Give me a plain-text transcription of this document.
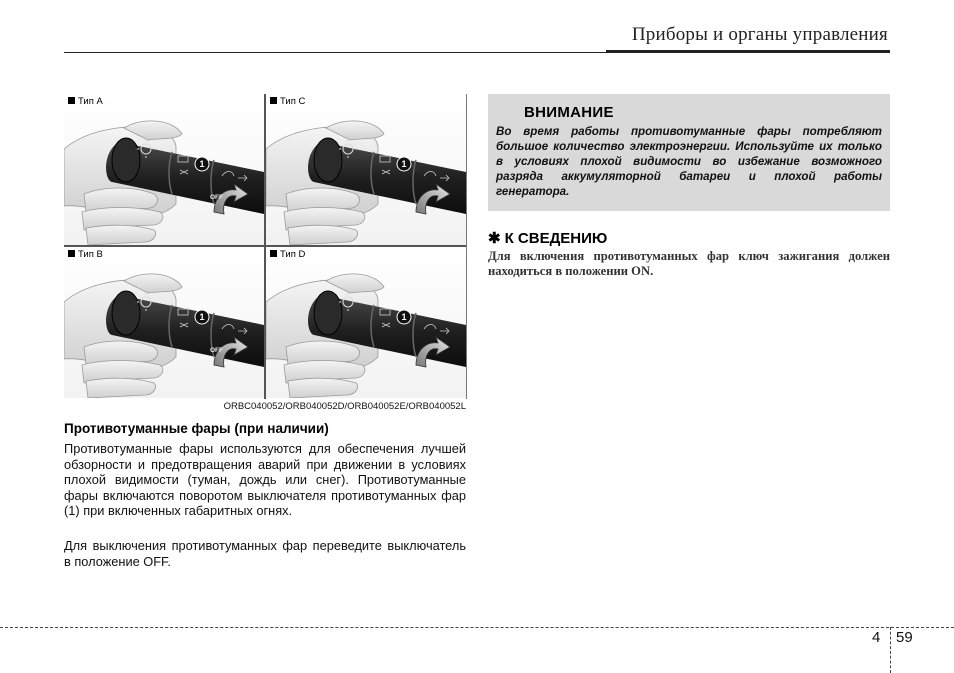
Приборы и органы управления
Тип A
1
OFF
Тип C
1
Тип B
1
OFF
Тип D
1
ORBC040052/ORB040052D/ORB040052E/ORB040052L
Противотуманные фары (при наличии)
Противотуманные фары используются для обеспечения лучшей обзорности и предотвращения аварий при движении в условиях плохой видимости (туман, дождь или снег). Противотуманные фары включаются поворотом выключателя противотуманных фар (1) при включенных габаритных огнях.
Для выключения противотуманных фар переведите выключатель в положение OFF.
ВНИМАНИЕ
Во время работы противотуманные фары потребляют большое количество электроэнергии. Используйте их только в условиях плохой видимости во избежание возможного разряда аккумуляторной батареи и плохой работы генератора.
✱ К СВЕДЕНИЮ
Для включения противотуманных фар ключ зажигания должен находиться в положении ON.
4 59
